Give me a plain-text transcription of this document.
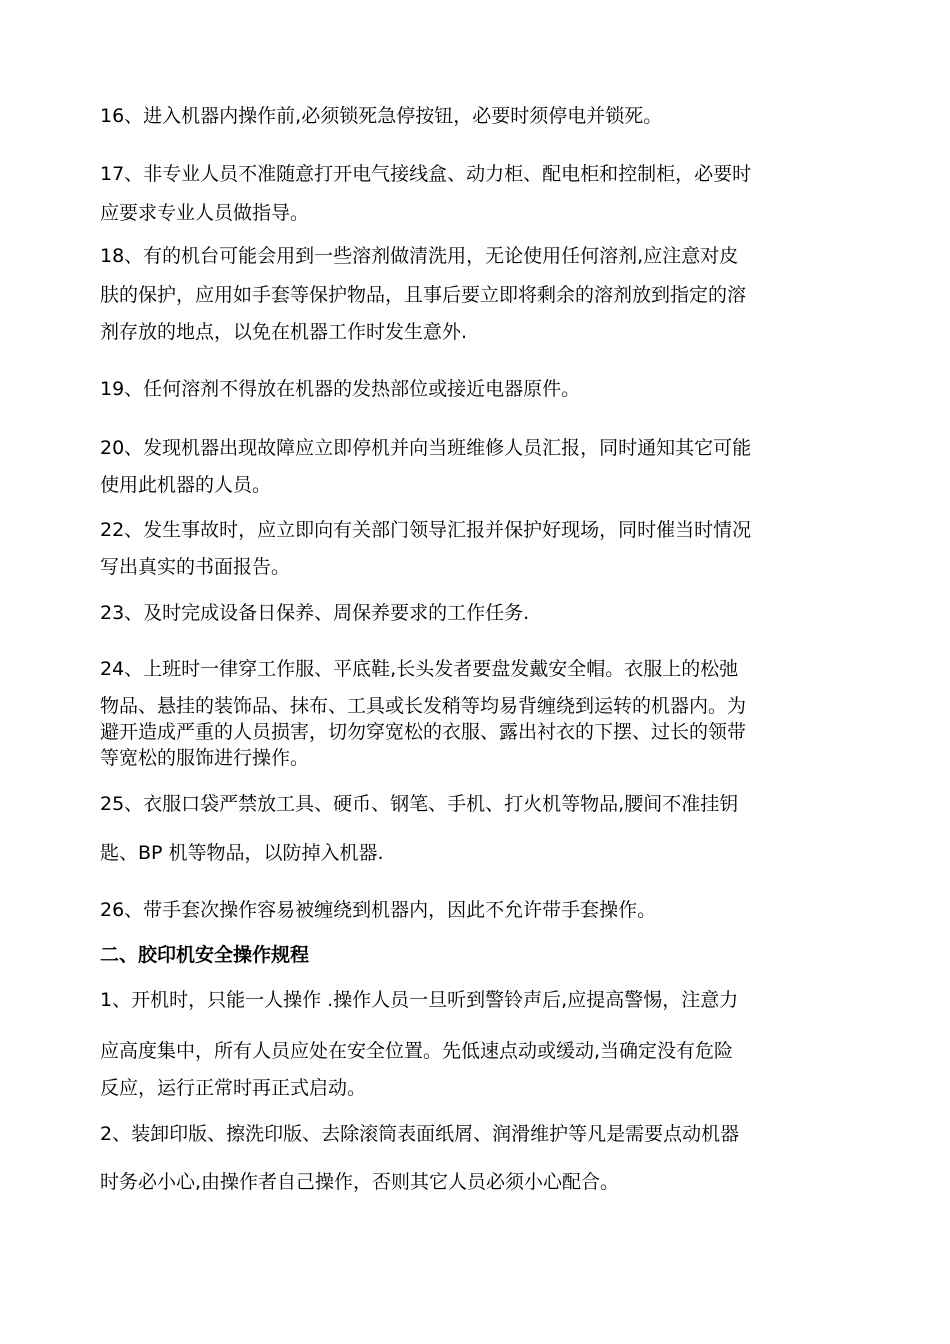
16、进入机器内操作前,必须锁死急停按钮，必要时须停电并锁死。
17、非专业人员不准随意打开电气接线盒、动力柜、配电柜和控制柜，必要时
应要求专业人员做指导。
18、有的机台可能会用到一些溶剂做清洗用，无论使用任何溶剂,应注意对皮
肤的保护，应用如手套等保护物品，且事后要立即将剩余的溶剂放到指定的溶
剂存放的地点，以免在机器工作时发生意外.
19、任何溶剂不得放在机器的发热部位或接近电器原件。
20、发现机器出现故障应立即停机并向当班维修人员汇报，同时通知其它可能
使用此机器的人员。
22、发生事故时，应立即向有关部门领导汇报并保护好现场，同时催当时情况
写出真实的书面报告。
23、及时完成设备日保养、周保养要求的工作任务.
24、上班时一律穿工作服、平底鞋,长头发者要盘发戴安全帽。衣服上的松弛
物品、悬挂的装饰品、抹布、工具或长发稍等均易背缠绕到运转的机器内。为
避开造成严重的人员损害，切勿穿宽松的衣服、露出衬衣的下摆、过长的领带
等宽松的服饰进行操作。
25、衣服口袋严禁放工具、硬币、钢笔、手机、打火机等物品,腰间不准挂钥
匙、BP 机等物品，以防掉入机器.
26、带手套次操作容易被缠绕到机器内，因此不允许带手套操作。
二、胶印机安全操作规程
1、开机时，只能一人操作 .操作人员一旦听到警铃声后,应提高警惕，注意力
应高度集中，所有人员应处在安全位置。先低速点动或缓动,当确定没有危险
反应，运行正常时再正式启动。
2、装卸印版、擦洗印版、去除滚筒表面纸屑、润滑维护等凡是需要点动机器
时务必小心,由操作者自己操作，否则其它人员必须小心配合。
